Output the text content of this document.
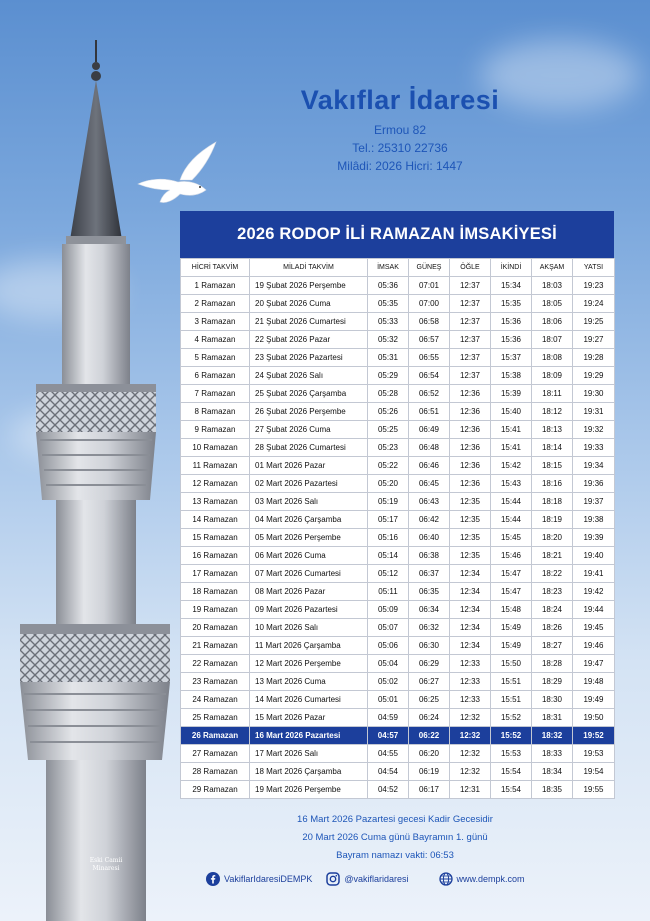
Eski Camii Minaresi
Vakıflar İdaresi
Ermou 82
Tel.: 25310 22736
Milâdi: 2026 Hicri: 1447
2026 RODOP İLİ RAMAZAN İMSAKİYESİ
HİCRİ TAKVİM	MİLADİ TAKVİM	İMSAK	GÜNEŞ	ÖĞLE	İKİNDİ	AKŞAM	YATSI
1 Ramazan	19 Şubat 2026 Perşembe	05:36	07:01	12:37	15:34	18:03	19:23
2 Ramazan	20 Şubat 2026 Cuma	05:35	07:00	12:37	15:35	18:05	19:24
3 Ramazan	21 Şubat 2026 Cumartesi	05:33	06:58	12:37	15:36	18:06	19:25
4 Ramazan	22 Şubat 2026 Pazar	05:32	06:57	12:37	15:36	18:07	19:27
5 Ramazan	23 Şubat 2026 Pazartesi	05:31	06:55	12:37	15:37	18:08	19:28
6 Ramazan	24 Şubat 2026 Salı	05:29	06:54	12:37	15:38	18:09	19:29
7 Ramazan	25 Şubat 2026 Çarşamba	05:28	06:52	12:36	15:39	18:11	19:30
8 Ramazan	26 Şubat 2026 Perşembe	05:26	06:51	12:36	15:40	18:12	19:31
9 Ramazan	27 Şubat 2026 Cuma	05:25	06:49	12:36	15:41	18:13	19:32
10 Ramazan	28 Şubat 2026 Cumartesi	05:23	06:48	12:36	15:41	18:14	19:33
11 Ramazan	01 Mart 2026 Pazar	05:22	06:46	12:36	15:42	18:15	19:34
12 Ramazan	02 Mart 2026 Pazartesi	05:20	06:45	12:36	15:43	18:16	19:36
13 Ramazan	03 Mart 2026 Salı	05:19	06:43	12:35	15:44	18:18	19:37
14 Ramazan	04 Mart 2026 Çarşamba	05:17	06:42	12:35	15:44	18:19	19:38
15 Ramazan	05 Mart 2026 Perşembe	05:16	06:40	12:35	15:45	18:20	19:39
16 Ramazan	06 Mart 2026 Cuma	05:14	06:38	12:35	15:46	18:21	19:40
17 Ramazan	07 Mart 2026 Cumartesi	05:12	06:37	12:34	15:47	18:22	19:41
18 Ramazan	08 Mart 2026 Pazar	05:11	06:35	12:34	15:47	18:23	19:42
19 Ramazan	09 Mart 2026 Pazartesi	05:09	06:34	12:34	15:48	18:24	19:44
20 Ramazan	10 Mart 2026 Salı	05:07	06:32	12:34	15:49	18:26	19:45
21 Ramazan	11 Mart 2026 Çarşamba	05:06	06:30	12:34	15:49	18:27	19:46
22 Ramazan	12 Mart 2026 Perşembe	05:04	06:29	12:33	15:50	18:28	19:47
23 Ramazan	13 Mart 2026 Cuma	05:02	06:27	12:33	15:51	18:29	19:48
24 Ramazan	14 Mart 2026 Cumartesi	05:01	06:25	12:33	15:51	18:30	19:49
25 Ramazan	15 Mart 2026 Pazar	04:59	06:24	12:32	15:52	18:31	19:50
26 Ramazan	16 Mart 2026 Pazartesi	04:57	06:22	12:32	15:52	18:32	19:52
27 Ramazan	17 Mart 2026 Salı	04:55	06:20	12:32	15:53	18:33	19:53
28 Ramazan	18 Mart 2026 Çarşamba	04:54	06:19	12:32	15:54	18:34	19:54
29 Ramazan	19 Mart 2026 Perşembe	04:52	06:17	12:31	15:54	18:35	19:55
16 Mart 2026 Pazartesi gecesi Kadir Gecesidir
20 Mart 2026 Cuma günü Bayramın 1. günü
Bayram namazı vakti: 06:53
VakiflarIdaresiDEMPK	@vakiflaridaresi	www.dempk.com
